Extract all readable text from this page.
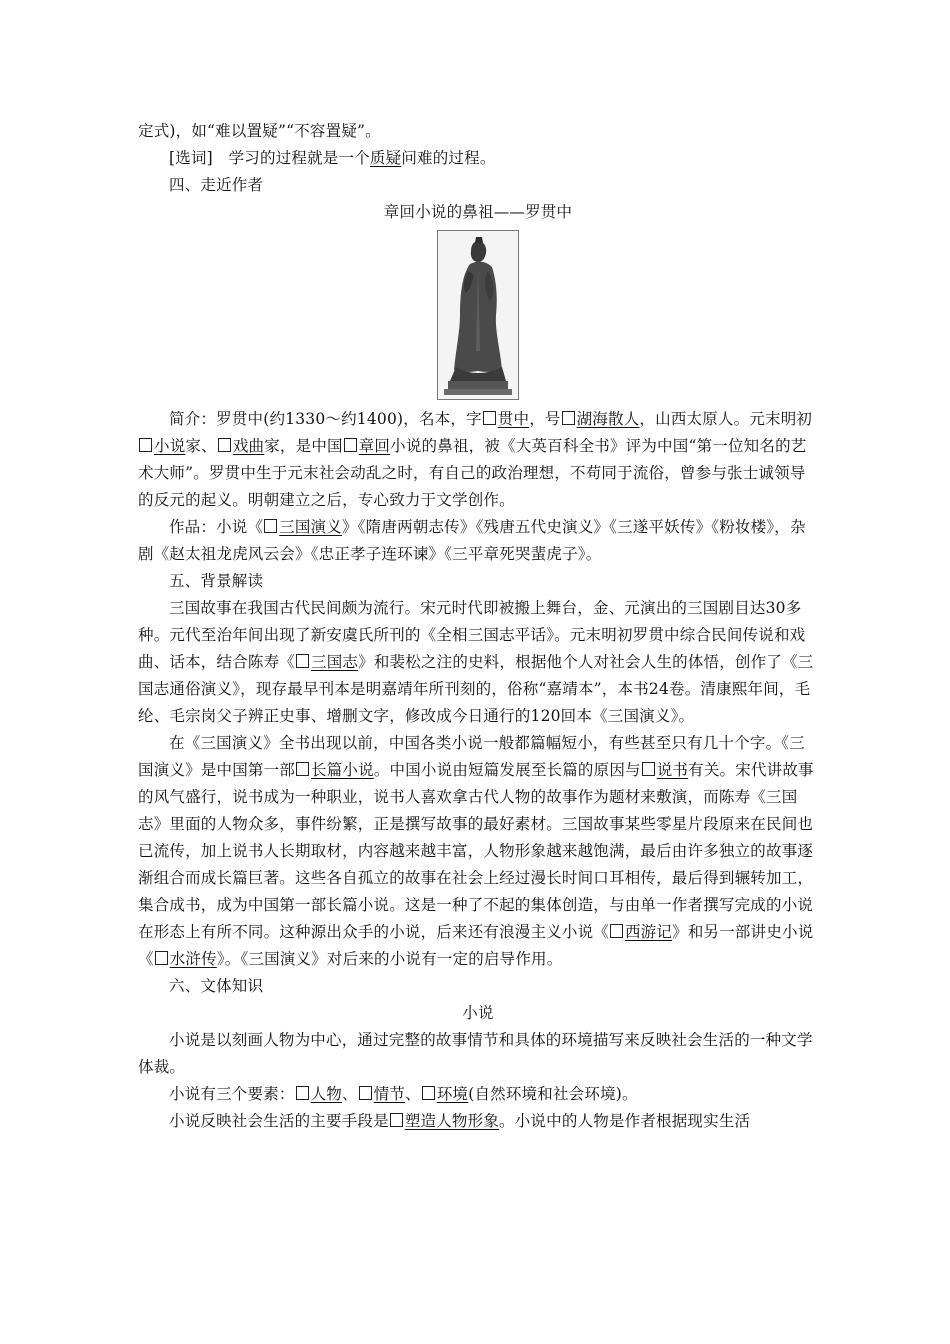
定式)，如“难以置疑”“不容置疑”。

[选词]　学习的过程就是一个质疑问难的过程。

四、走近作者

章回小说的鼻祖——罗贯中

简介：罗贯中(约1330～约1400)，名本，字 贯中，号 湖海散人，山西太原人。元末明初小说家、 戏曲家，是中国 章回小说的鼻祖，被《大英百科全书》评为中国“第一位知名的艺术大师”。罗贯中生于元末社会动乱之时，有自己的政治理想，不苟同于流俗，曾参与张士诚领导的反元的起义。明朝建立之后，专心致力于文学创作。

作品：小说《 三国演义》《隋唐两朝志传》《残唐五代史演义》《三遂平妖传》《粉妆楼》，杂剧《赵太祖龙虎风云会》《忠正孝子连环谏》《三平章死哭蜚虎子》。

五、背景解读

三国故事在我国古代民间颇为流行。宋元时代即被搬上舞台，金、元演出的三国剧目达30多种。元代至治年间出现了新安虞氏所刊的《全相三国志平话》。元末明初罗贯中综合民间传说和戏曲、话本，结合陈寿《 三国志》和裴松之注的史料，根据他个人对社会人生的体悟，创作了《三国志通俗演义》，现存最早刊本是明嘉靖年所刊刻的，俗称“嘉靖本”，本书24卷。清康熙年间，毛纶、毛宗岗父子辨正史事、增删文字，修改成今日通行的120回本《三国演义》。

在《三国演义》全书出现以前，中国各类小说一般都篇幅短小，有些甚至只有几十个字。《三国演义》是中国第一部 长篇小说。中国小说由短篇发展至长篇的原因与 说书有关。宋代讲故事的风气盛行，说书成为一种职业，说书人喜欢拿古代人物的故事作为题材来敷演，而陈寿《三国志》里面的人物众多，事件纷繁，正是撰写故事的最好素材。三国故事某些零星片段原来在民间也已流传，加上说书人长期取材，内容越来越丰富，人物形象越来越饱满，最后由许多独立的故事逐渐组合而成长篇巨著。这些各自孤立的故事在社会上经过漫长时间口耳相传，最后得到辗转加工，集合成书，成为中国第一部长篇小说。这是一种了不起的集体创造，与由单一作者撰写完成的小说在形态上有所不同。这种源出众手的小说，后来还有浪漫主义小说《 西游记》和另一部讲史小说《 水浒传》。《三国演义》对后来的小说有一定的启导作用。

六、文体知识

小说

小说是以刻画人物为中心，通过完整的故事情节和具体的环境描写来反映社会生活的一种文学体裁。

小说有三个要素： 人物、 情节、 环境(自然环境和社会环境)。

小说反映社会生活的主要手段是 塑造人物形象。小说中的人物是作者根据现实生活
